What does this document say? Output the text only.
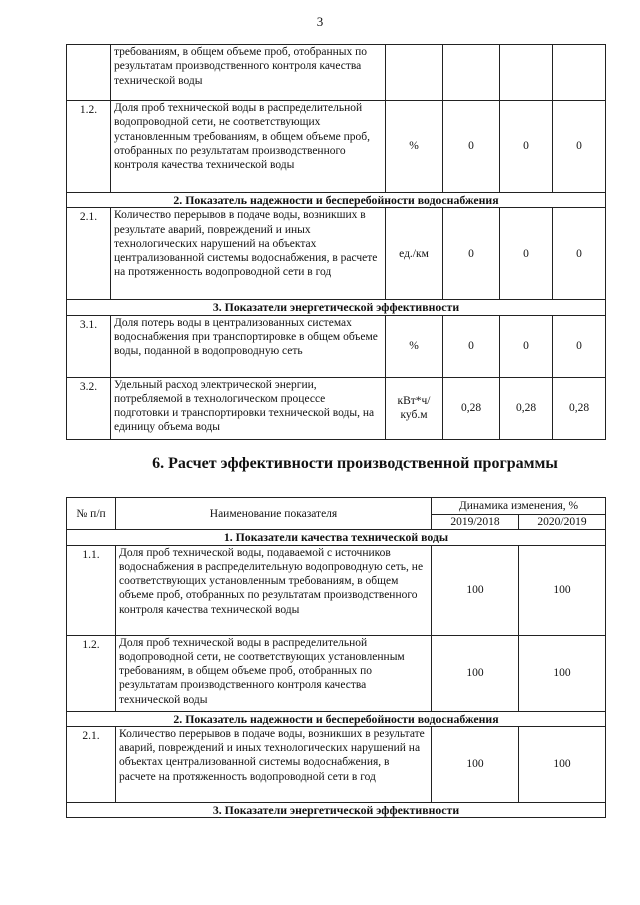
3
	требованиям, в общем объеме проб, отобранных по результатам производственного контроля качества технической воды				
1.2.	Доля проб технической воды в распределительной водопроводной сети, не соответствующих установленным требованиям, в общем объеме проб, отобранных по результатам производственного контроля качества технической воды	%	0	0	0
2. Показатель надежности и бесперебойности водоснабжения					
2.1.	Количество перерывов в подаче воды, возникших в результате аварий, повреждений и иных технологических нарушений на объектах централизованной системы водоснабжения, в расчете на протяженность водопроводной сети в год	ед./км	0	0	0
3. Показатели энергетической эффективности					
3.1.	Доля потерь воды в централизованных системах водоснабжения при транспортировке в общем объеме воды, поданной в водопроводную сеть	%	0	0	0
3.2.	Удельный расход электрической энергии, потребляемой в технологическом процессе подготовки и транспортировки технической воды, на единицу объема воды	кВт*ч/ куб.м	0,28	0,28	0,28
6. Расчет эффективности производственной программы
№ п/п	Наименование показателя	Динамика изменения, %	
		2019/2018	2020/2019
1. Показатели качества технической воды			
1.1.	Доля проб технической воды, подаваемой с источников водоснабжения в распределительную водопроводную сеть, не соответствующих установленным требованиям, в общем объеме проб, отобранных по результатам производственного контроля качества технической воды	100	100
1.2.	Доля проб технической воды в распределительной водопроводной сети, не соответствующих установленным требованиям, в общем объеме проб, отобранных по результатам производственного контроля качества технической воды	100	100
2. Показатель надежности и бесперебойности водоснабжения			
2.1.	Количество перерывов в подаче воды, возникших в результате аварий, повреждений и иных технологических нарушений на объектах централизованной системы водоснабжения, в расчете на протяженность водопроводной сети в год	100	100
3. Показатели энергетической эффективности			
